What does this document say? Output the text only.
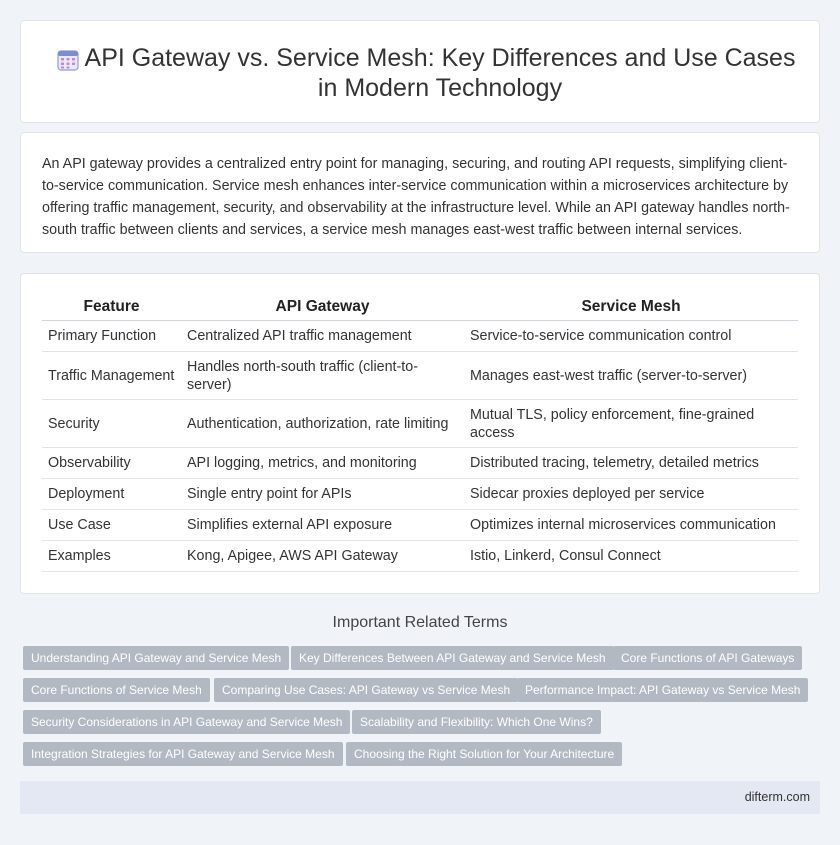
API Gateway vs. Service Mesh: Key Differences and Use Cases in Modern Technology

An API gateway provides a centralized entry point for managing, securing, and routing API requests, simplifying client-to-service communication. Service mesh enhances inter-service communication within a microservices architecture by offering traffic management, security, and observability at the infrastructure level. While an API gateway handles north-south traffic between clients and services, a service mesh manages east-west traffic between internal services.

Feature	API Gateway	Service Mesh
Primary Function	Centralized API traffic management	Service-to-service communication control
Traffic Management	Handles north-south traffic (client-to-server)	Manages east-west traffic (server-to-server)
Security	Authentication, authorization, rate limiting	Mutual TLS, policy enforcement, fine-grained access
Observability	API logging, metrics, and monitoring	Distributed tracing, telemetry, detailed metrics
Deployment	Single entry point for APIs	Sidecar proxies deployed per service
Use Case	Simplifies external API exposure	Optimizes internal microservices communication
Examples	Kong, Apigee, AWS API Gateway	Istio, Linkerd, Consul Connect
Important Related Terms
Understanding API Gateway and Service Mesh	Key Differences Between API Gateway and Service Mesh	Core Functions of API Gateways
Core Functions of Service Mesh	Comparing Use Cases: API Gateway vs Service Mesh	Performance Impact: API Gateway vs Service Mesh
Security Considerations in API Gateway and Service Mesh	Scalability and Flexibility: Which One Wins?
Integration Strategies for API Gateway and Service Mesh	Choosing the Right Solution for Your Architecture
difterm.com
